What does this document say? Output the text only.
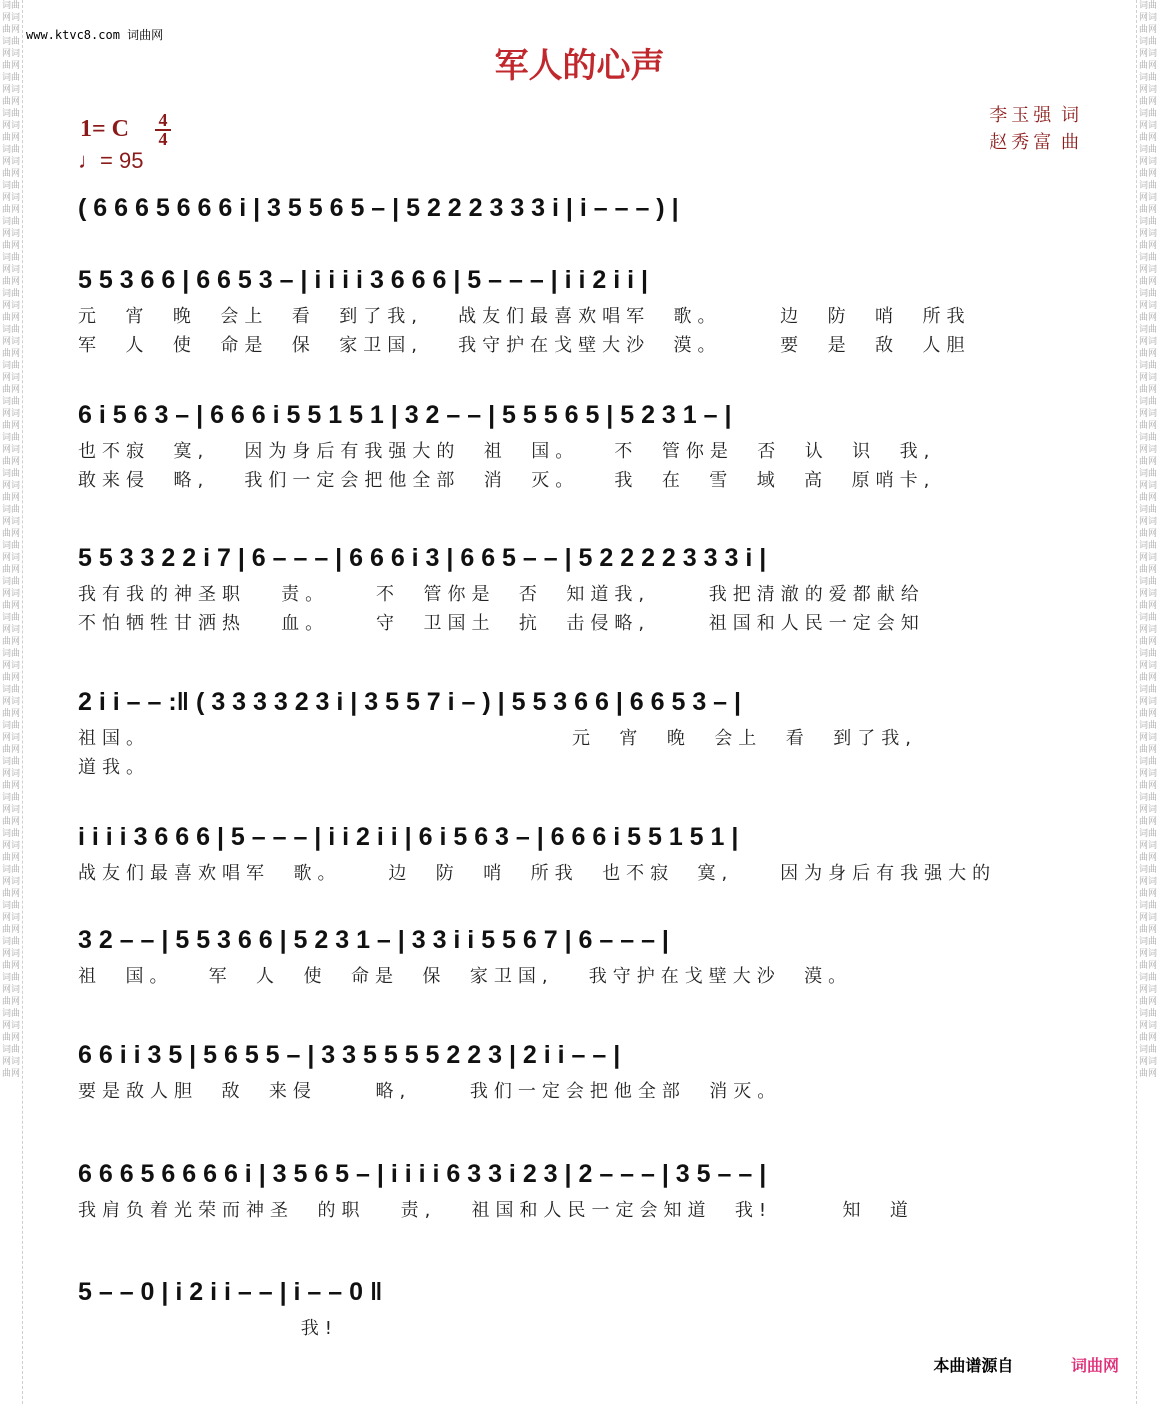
词曲网词曲网词曲网词曲网词曲网词曲网词曲网词曲网词曲网词曲网词曲网词曲网词曲网词曲网词曲网词曲网词曲网词曲网词曲网词曲网词曲网词曲网词曲网词曲网词曲网词曲网词曲网词曲网词曲网词曲网词曲网词曲网词曲网词曲网词曲网词曲网词曲网词曲网词曲网词曲网词曲网词曲网词曲网词曲网词曲网词曲网词曲网词曲网词曲网词曲网词曲网词曲网词曲网词曲网词曲网词曲网词曲网词曲网词曲网词曲网
词曲网词曲网词曲网词曲网词曲网词曲网词曲网词曲网词曲网词曲网词曲网词曲网词曲网词曲网词曲网词曲网词曲网词曲网词曲网词曲网词曲网词曲网词曲网词曲网词曲网词曲网词曲网词曲网词曲网词曲网词曲网词曲网词曲网词曲网词曲网词曲网词曲网词曲网词曲网词曲网词曲网词曲网词曲网词曲网词曲网词曲网词曲网词曲网词曲网词曲网词曲网词曲网词曲网词曲网词曲网词曲网词曲网词曲网词曲网词曲网
www.ktvc8.com 词曲网
军人的心声
1= C	4
4
♩= 95
李玉强 词
赵秀富 曲
( 6 6 6 5 6 6 6 i | 3 5 5 6 5 – | 5 2 2 2 3 3 3 i | i – – – ) |
5 5 3 6 6 | 6 6 5 3 – | i i i i 3 6 6 6 | 5 – – – | i i 2 i i |
元  宵  晚  会上  看  到了我,   战友们最喜欢唱军  歌。     边  防  哨  所我
军  人  使  命是  保  家卫国,   我守护在戈壁大沙  漠。     要  是  敌  人胆
6 i 5 6 3 – | 6 6 6 i 5 5 1 5 1 | 3 2 – – | 5 5 5 6 5 | 5 2 3 1 – |
也不寂  寞,   因为身后有我强大的  祖  国。   不  管你是  否  认  识  我,
敢来侵  略,   我们一定会把他全部  消  灭。   我  在  雪  域  高  原哨卡,
5 5 3 3 2 2 i 7 | 6 – – – | 6 6 6 i 3 | 6 6 5 – – | 5 2 2 2 2 3 3 3 i |
我有我的神圣职   责。    不  管你是  否  知道我,     我把清澈的爱都献给
不怕牺牲甘洒热   血。    守  卫国土  抗  击侵略,     祖国和人民一定会知
2 i i – – :‖ ( 3 3 3 3 2 3 i | 3 5 5 7 i – ) | 5 5 3 6 6 | 6 6 5 3 – |
祖国。                                    元  宵  晚  会上  看  到了我,
道我。
i i i i 3 6 6 6 | 5 – – – | i i 2 i i | 6 i 5 6 3 – | 6 6 6 i 5 5 1 5 1 |
战友们最喜欢唱军  歌。    边  防  哨  所我  也不寂  寞,    因为身后有我强大的
3 2 – – | 5 5 3 6 6 | 5 2 3 1 – | 3 3 i i 5 5 6 7 | 6 – – – |
祖  国。   军  人  使  命是  保  家卫国,   我守护在戈壁大沙  漠。
6 6 i i 3 5 | 5 6 5 5 – | 3 3 5 5 5 5 2 2 3 | 2 i i – – |
要是敌人胆  敌  来侵     略,     我们一定会把他全部  消灭。
6 6 6 5 6 6 6 6 i | 3 5 6 5 – | i i i i 6 3 3 i 2 3 | 2 – – – | 3 5 – – |
我肩负着光荣而神圣  的职   责,   祖国和人民一定会知道  我!      知  道
5 – – 0 | i 2 i i – – | i – – 0 ‖
我!
本曲谱源自	词曲网
